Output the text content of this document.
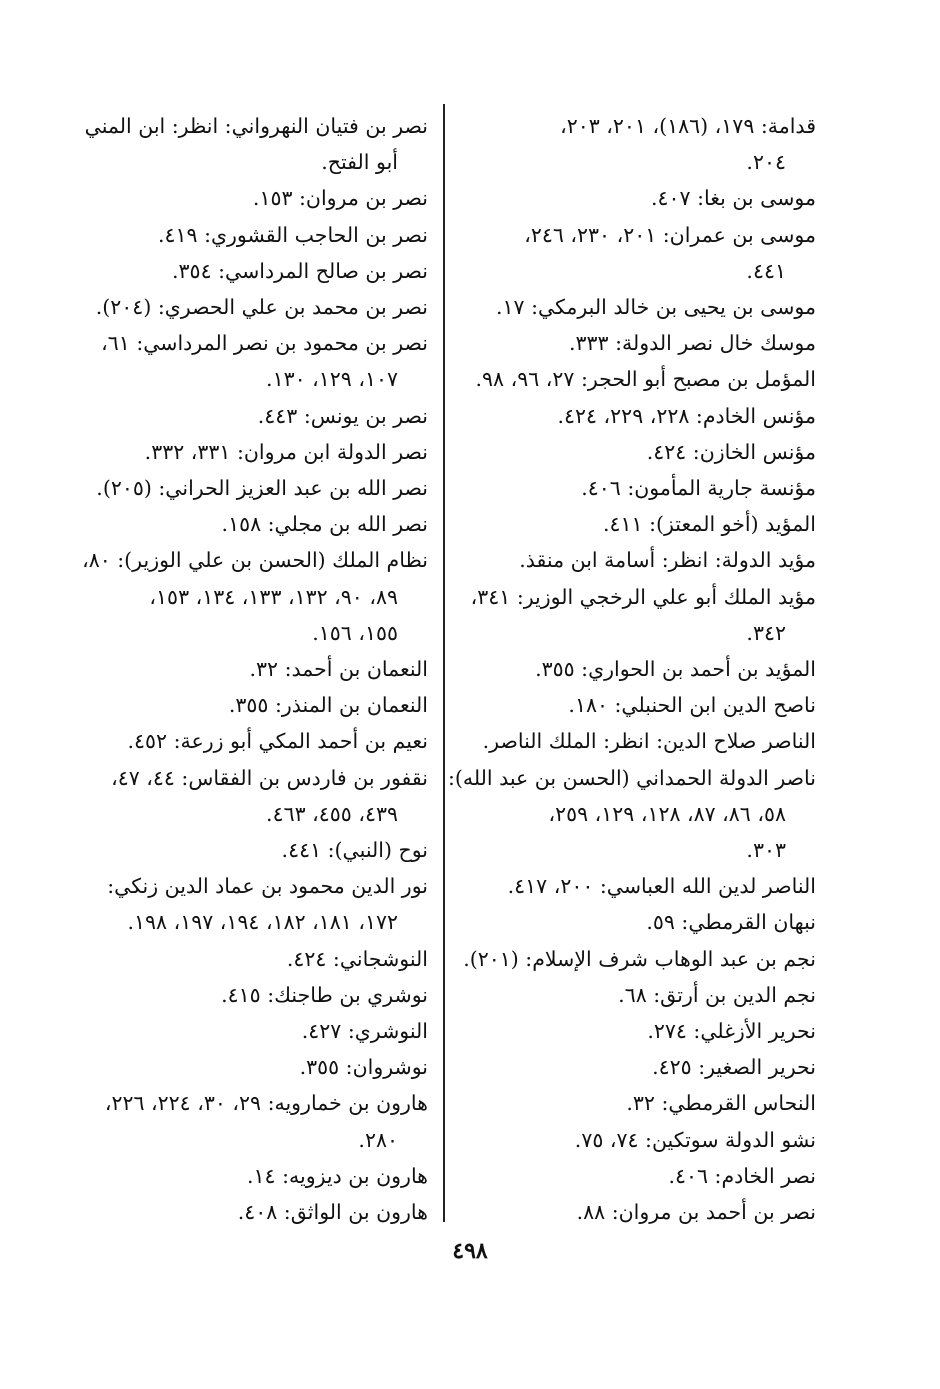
قدامة: ١٧٩، (١٨٦)، ٢٠١، ٢٠٣،
٢٠٤.
موسى بن بغا: ٤٠٧.
موسى بن عمران: ٢٠١، ٢٣٠، ٢٤٦،
٤٤١.
موسى بن يحيى بن خالد البرمكي: ١٧.
موسك خال نصر الدولة: ٣٣٣.
المؤمل بن مصبح أبو الحجر: ٢٧، ٩٦، ٩٨.
مؤنس الخادم: ٢٢٨، ٢٢٩، ٤٢٤.
مؤنس الخازن: ٤٢٤.
مؤنسة جارية المأمون: ٤٠٦.
المؤيد (أخو المعتز): ٤١١.
مؤيد الدولة: انظر: أسامة ابن منقذ.
مؤيد الملك أبو علي الرخجي الوزير: ٣٤١،
٣٤٢.
المؤيد بن أحمد بن الحواري: ٣٥٥.
ناصح الدين ابن الحنبلي: ١٨٠.
الناصر صلاح الدين: انظر: الملك الناصر.
ناصر الدولة الحمداني (الحسن بن عبد الله):
٥٨، ٨٦، ٨٧، ١٢٨، ١٢٩، ٢٥٩،
٣٠٣.
الناصر لدين الله العباسي: ٢٠٠، ٤١٧.
نبهان القرمطي: ٥٩.
نجم بن عبد الوهاب شرف الإسلام: (٢٠١).
نجم الدين بن أرتق: ٦٨.
نحرير الأزغلي: ٢٧٤.
نحرير الصغير: ٤٢٥.
النحاس القرمطي: ٣٢.
نشو الدولة سوتكين: ٧٤، ٧٥.
نصر الخادم: ٤٠٦.
نصر بن أحمد بن مروان: ٨٨.
نصر بن فتيان النهرواني: انظر: ابن المني
أبو الفتح.
نصر بن مروان: ١٥٣.
نصر بن الحاجب القشوري: ٤١٩.
نصر بن صالح المرداسي: ٣٥٤.
نصر بن محمد بن علي الحصري: (٢٠٤).
نصر بن محمود بن نصر المرداسي: ٦١،
١٠٧، ١٢٩، ١٣٠.
نصر بن يونس: ٤٤٣.
نصر الدولة ابن مروان: ٣٣١، ٣٣٢.
نصر الله بن عبد العزيز الحراني: (٢٠٥).
نصر الله بن مجلي: ١٥٨.
نظام الملك (الحسن بن علي الوزير): ٨٠،
٨٩، ٩٠، ١٣٢، ١٣٣، ١٣٤، ١٥٣،
١٥٥، ١٥٦.
النعمان بن أحمد: ٣٢.
النعمان بن المنذر: ٣٥٥.
نعيم بن أحمد المكي أبو زرعة: ٤٥٢.
نقفور بن فاردس بن الفقاس: ٤٤، ٤٧،
٤٣٩، ٤٥٥، ٤٦٣.
نوح (النبي): ٤٤١.
نور الدين محمود بن عماد الدين زنكي:
١٧٢، ١٨١، ١٨٢، ١٩٤، ١٩٧، ١٩٨.
النوشجاني: ٤٢٤.
نوشري بن طاجنك: ٤١٥.
النوشري: ٤٢٧.
نوشروان: ٣٥٥.
هارون بن خمارويه: ٢٩، ٣٠، ٢٢٤، ٢٢٦،
٢٨٠.
هارون بن ديزويه: ١٤.
هارون بن الواثق: ٤٠٨.
٤٩٨
